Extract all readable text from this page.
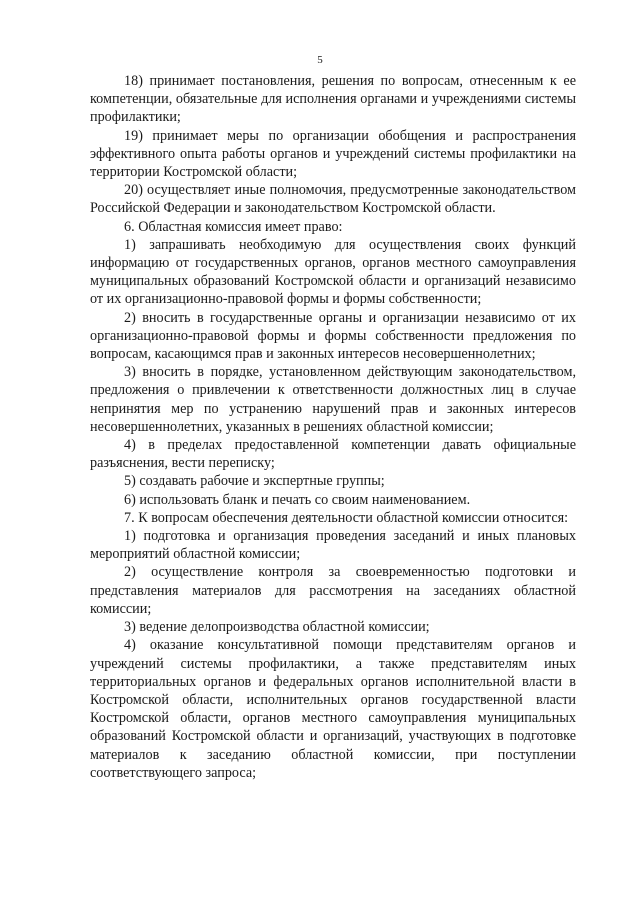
5

18) принимает постановления, решения по вопросам, отнесенным к ее компетенции, обязательные для исполнения органами и учреждениями системы профилактики;

19) принимает меры по организации обобщения и распространения эффективного опыта работы органов и учреждений системы профилактики на территории Костромской области;

20) осуществляет иные полномочия, предусмотренные законодательством Российской Федерации и законодательством Костромской области.

6. Областная комиссия имеет право:

1) запрашивать необходимую для осуществления своих функций информацию от государственных органов, органов местного самоуправления муниципальных образований Костромской области и организаций независимо от их организационно-правовой формы и формы собственности;

2) вносить в государственные органы и организации независимо от их организационно-правовой формы и формы собственности предложения по вопросам, касающимся прав и законных интересов несовершеннолетних;

3) вносить в порядке, установленном действующим законодательством, предложения о привлечении к ответственности должностных лиц в случае непринятия мер по устранению нарушений прав и законных интересов несовершеннолетних, указанных в решениях областной комиссии;

4) в пределах предоставленной компетенции давать официальные разъяснения, вести переписку;

5) создавать рабочие и экспертные группы;

6) использовать бланк и печать со своим наименованием.

7. К вопросам обеспечения деятельности областной комиссии относится:

1) подготовка и организация проведения заседаний и иных плановых мероприятий областной комиссии;

2) осуществление контроля за своевременностью подготовки и представления материалов для рассмотрения на заседаниях областной комиссии;

3) ведение делопроизводства областной комиссии;

4) оказание консультативной помощи представителям органов и учреждений системы профилактики, а также представителям иных территориальных органов и федеральных органов исполнительной власти в Костромской области, исполнительных органов государственной власти Костромской области, органов местного самоуправления муниципальных образований Костромской области и организаций, участвующих в подготовке материалов к заседанию областной комиссии, при поступлении соответствующего запроса;
